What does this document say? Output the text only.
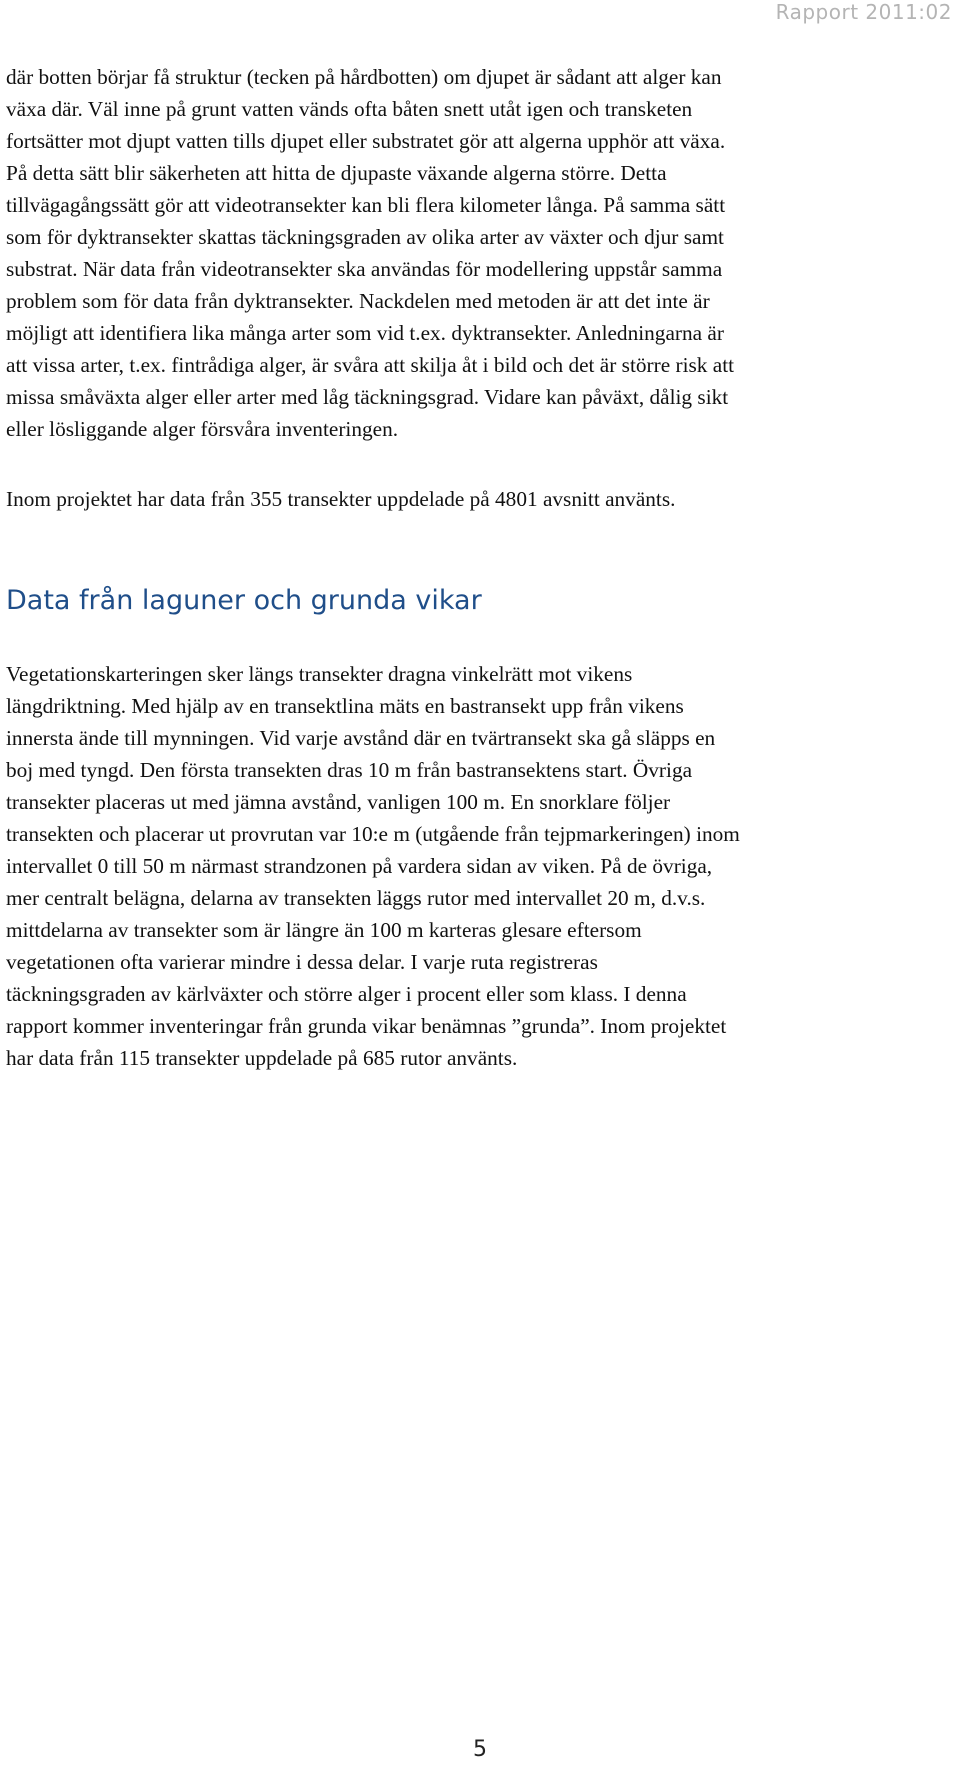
Rapport 2011:02

där botten börjar få struktur (tecken på hårdbotten) om djupet är sådant att alger kan
växa där. Väl inne på grunt vatten vänds ofta båten snett utåt igen och transketen
fortsätter mot djupt vatten tills djupet eller substratet gör att algerna upphör att växa.
På detta sätt blir säkerheten att hitta de djupaste växande algerna större. Detta
tillvägagångssätt gör att videotransekter kan bli flera kilometer långa. På samma sätt
som för dyktransekter skattas täckningsgraden av olika arter av växter och djur samt
substrat. När data från videotransekter ska användas för modellering uppstår samma
problem som för data från dyktransekter. Nackdelen med metoden är att det inte är
möjligt att identifiera lika många arter som vid t.ex. dyktransekter. Anledningarna är
att vissa arter, t.ex. fintrådiga alger, är svåra att skilja åt i bild och det är större risk att
missa småväxta alger eller arter med låg täckningsgrad. Vidare kan påväxt, dålig sikt
eller lösliggande alger försvåra inventeringen.

Inom projektet har data från 355 transekter uppdelade på 4801 avsnitt använts.

Data från laguner och grunda vikar

Vegetationskarteringen sker längs transekter dragna vinkelrätt mot vikens
längdriktning. Med hjälp av en transektlina mäts en bastransekt upp från vikens
innersta ände till mynningen. Vid varje avstånd där en tvärtransekt ska gå släpps en
boj med tyngd. Den första transekten dras 10 m från bastransektens start. Övriga
transekter placeras ut med jämna avstånd, vanligen 100 m. En snorklare följer
transekten och placerar ut provrutan var 10:e m (utgående från tejpmarkeringen) inom
intervallet 0 till 50 m närmast strandzonen på vardera sidan av viken. På de övriga,
mer centralt belägna, delarna av transekten läggs rutor med intervallet 20 m, d.v.s.
mittdelarna av transekter som är längre än 100 m karteras glesare eftersom
vegetationen ofta varierar mindre i dessa delar. I varje ruta registreras
täckningsgraden av kärlväxter och större alger i procent eller som klass. I denna
rapport kommer inventeringar från grunda vikar benämnas ”grunda”. Inom projektet
har data från 115 transekter uppdelade på 685 rutor använts.

5
